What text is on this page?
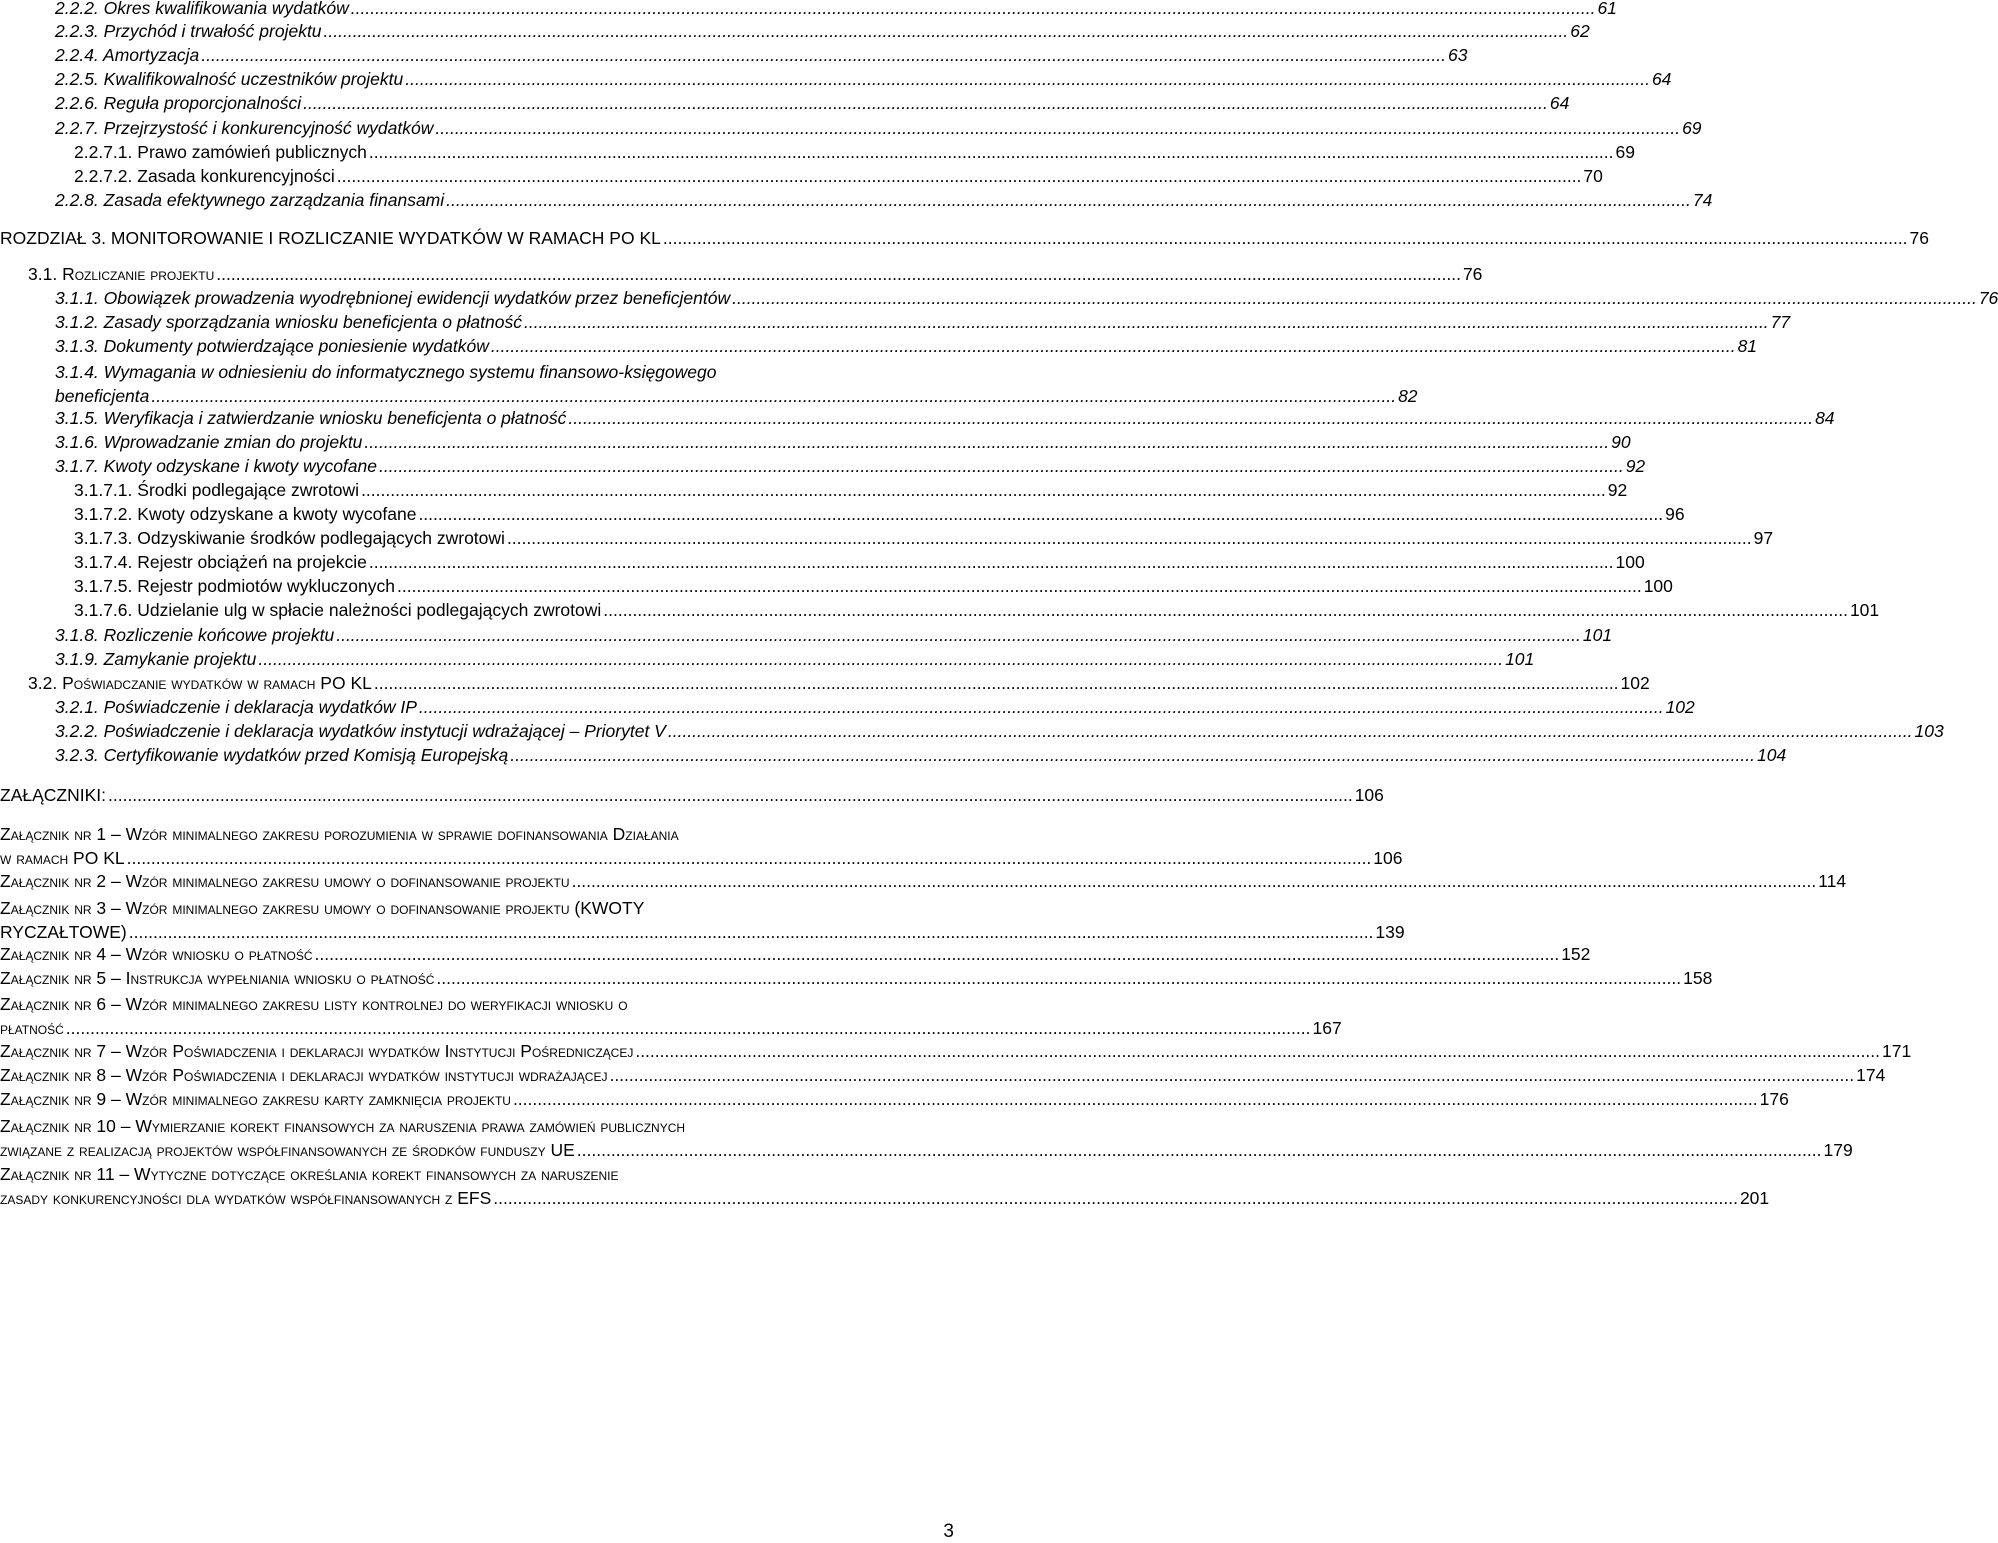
2.2.2. Okres kwalifikowania wydatków .....	61
2.2.3. Przychód i trwałość projektu .....	62
2.2.4. Amortyzacja .....	63
2.2.5. Kwalifikowalność uczestników projektu .....	64
2.2.6. Reguła proporcjonalności .....	64
2.2.7. Przejrzystość i konkurencyjność wydatków .....	69
2.2.7.1. Prawo zamówień publicznych .....	69
2.2.7.2. Zasada konkurencyjności .....	70
2.2.8. Zasada efektywnego zarządzania finansami .....	74
ROZDZIAŁ 3. MONITOROWANIE I ROZLICZANIE WYDATKÓW W RAMACH PO KL .....	76
3.1. Rozliczanie projektu .....	76
3.1.1. Obowiązek prowadzenia wyodrębnionej ewidencji wydatków przez beneficjentów .....	76
3.1.2. Zasady sporządzania wniosku beneficjenta o płatność .....	77
3.1.3. Dokumenty potwierdzające poniesienie wydatków .....	81
3.1.4. Wymagania w odniesieniu do informatycznego systemu finansowo-księgowego
beneficjenta .....	82
3.1.5. Weryfikacja i zatwierdzanie wniosku beneficjenta o płatność .....	84
3.1.6. Wprowadzanie zmian do projektu .....	90
3.1.7. Kwoty odzyskane i kwoty wycofane .....	92
3.1.7.1. Środki podlegające zwrotowi .....	92
3.1.7.2. Kwoty odzyskane a kwoty wycofane .....	96
3.1.7.3. Odzyskiwanie środków podlegających zwrotowi .....	97
3.1.7.4. Rejestr obciążeń na projekcie .....	100
3.1.7.5. Rejestr podmiotów wykluczonych .....	100
3.1.7.6. Udzielanie ulg w spłacie należności podlegających zwrotowi .....	101
3.1.8. Rozliczenie końcowe projektu .....	101
3.1.9. Zamykanie projektu .....	101
3.2. Poświadczanie wydatków w ramach PO KL .....	102
3.2.1. Poświadczenie i deklaracja wydatków IP .....	102
3.2.2. Poświadczenie i deklaracja wydatków instytucji wdrażającej – Priorytet V .....	103
3.2.3. Certyfikowanie wydatków przed Komisją Europejską .....	104
ZAŁĄCZNIKI: .....	106
Załącznik nr 1 – Wzór minimalnego zakresu porozumienia w sprawie dofinansowania Działania
w ramach PO KL .....	106
Załącznik nr 2 – Wzór minimalnego zakresu umowy o dofinansowanie projektu .....	114
Załącznik nr 3 – Wzór minimalnego zakresu umowy o dofinansowanie projektu (KWOTY
RYCZAŁTOWE) .....	139
Załącznik nr 4 – Wzór wniosku o płatność .....	152
Załącznik nr 5 – Instrukcja wypełniania wniosku o płatność .....	158
Załącznik nr 6 – Wzór minimalnego zakresu listy kontrolnej do weryfikacji wniosku o
płatność .....	167
Załącznik nr 7 – Wzór Poświadczenia i deklaracji wydatków Instytucji Pośredniczącej .....	171
Załącznik nr 8 – Wzór Poświadczenia i deklaracji wydatków instytucji wdrażającej .....	174
Załącznik nr 9 – Wzór minimalnego zakresu karty zamknięcia projektu .....	176
Załącznik nr 10 – Wymierzanie korekt finansowych za naruszenia prawa zamówień publicznych
związane z realizacją projektów współfinansowanych ze środków funduszy UE .....	179
Załącznik nr 11 – Wytyczne dotyczące określania korekt finansowych za naruszenie
zasady konkurencyjności dla wydatków współfinansowanych z EFS .....	201
3
